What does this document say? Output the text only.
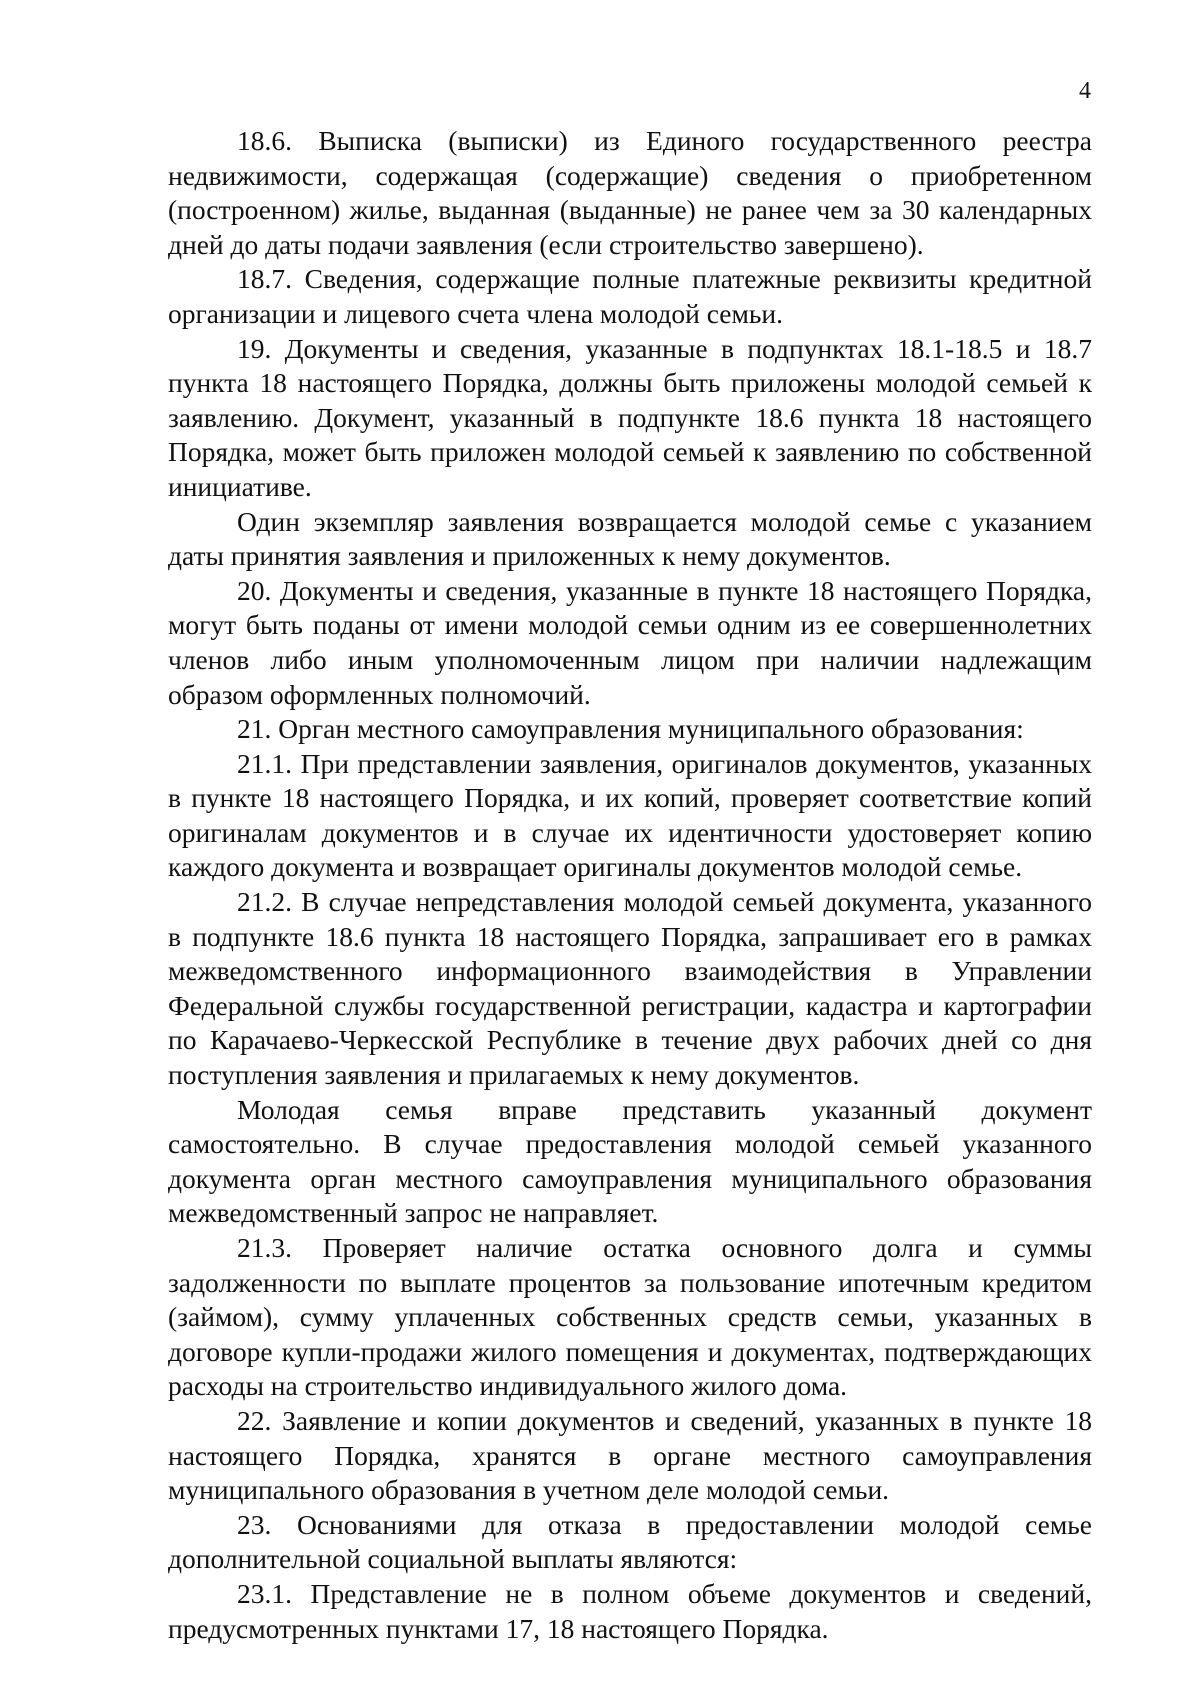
4

18.6. Выписка (выписки) из Единого государственного реестра недвижимости, содержащая (содержащие) сведения о приобретенном (построенном) жилье, выданная (выданные) не ранее чем за 30 календарных дней до даты подачи заявления (если строительство завершено).

18.7. Сведения, содержащие полные платежные реквизиты кредитной организации и лицевого счета члена молодой семьи.

19. Документы и сведения, указанные в подпунктах 18.1-18.5 и 18.7 пункта 18 настоящего Порядка, должны быть приложены молодой семьей к заявлению. Документ, указанный в подпункте 18.6 пункта 18 настоящего Порядка, может быть приложен молодой семьей к заявлению по собственной инициативе.

Один экземпляр заявления возвращается молодой семье с указанием даты принятия заявления и приложенных к нему документов.

20. Документы и сведения, указанные в пункте 18 настоящего Порядка, могут быть поданы от имени молодой семьи одним из ее совершеннолетних членов либо иным уполномоченным лицом при наличии надлежащим образом оформленных полномочий.

21. Орган местного самоуправления муниципального образования:

21.1. При представлении заявления, оригиналов документов, указанных в пункте 18 настоящего Порядка, и их копий, проверяет соответствие копий оригиналам документов и в случае их идентичности удостоверяет копию каждого документа и возвращает оригиналы документов молодой семье.

21.2. В случае непредставления молодой семьей документа, указанного в подпункте 18.6 пункта 18 настоящего Порядка, запрашивает его в рамках межведомственного информационного взаимодействия в Управлении Федеральной службы государственной регистрации, кадастра и картографии по Карачаево-Черкесской Республике в течение двух рабочих дней со дня поступления заявления и прилагаемых к нему документов.

Молодая семья вправе представить указанный документ самостоятельно. В случае предоставления молодой семьей указанного документа орган местного самоуправления муниципального образования межведомственный запрос не направляет.

21.3. Проверяет наличие остатка основного долга и суммы задолженности по выплате процентов за пользование ипотечным кредитом (займом), сумму уплаченных собственных средств семьи, указанных в договоре купли-продажи жилого помещения и документах, подтверждающих расходы на строительство индивидуального жилого дома.

22. Заявление и копии документов и сведений, указанных в пункте 18 настоящего Порядка, хранятся в органе местного самоуправления муниципального образования в учетном деле молодой семьи.

23. Основаниями для отказа в предоставлении молодой семье дополнительной социальной выплаты являются:

23.1. Представление не в полном объеме документов и сведений, предусмотренных пунктами 17, 18 настоящего Порядка.
